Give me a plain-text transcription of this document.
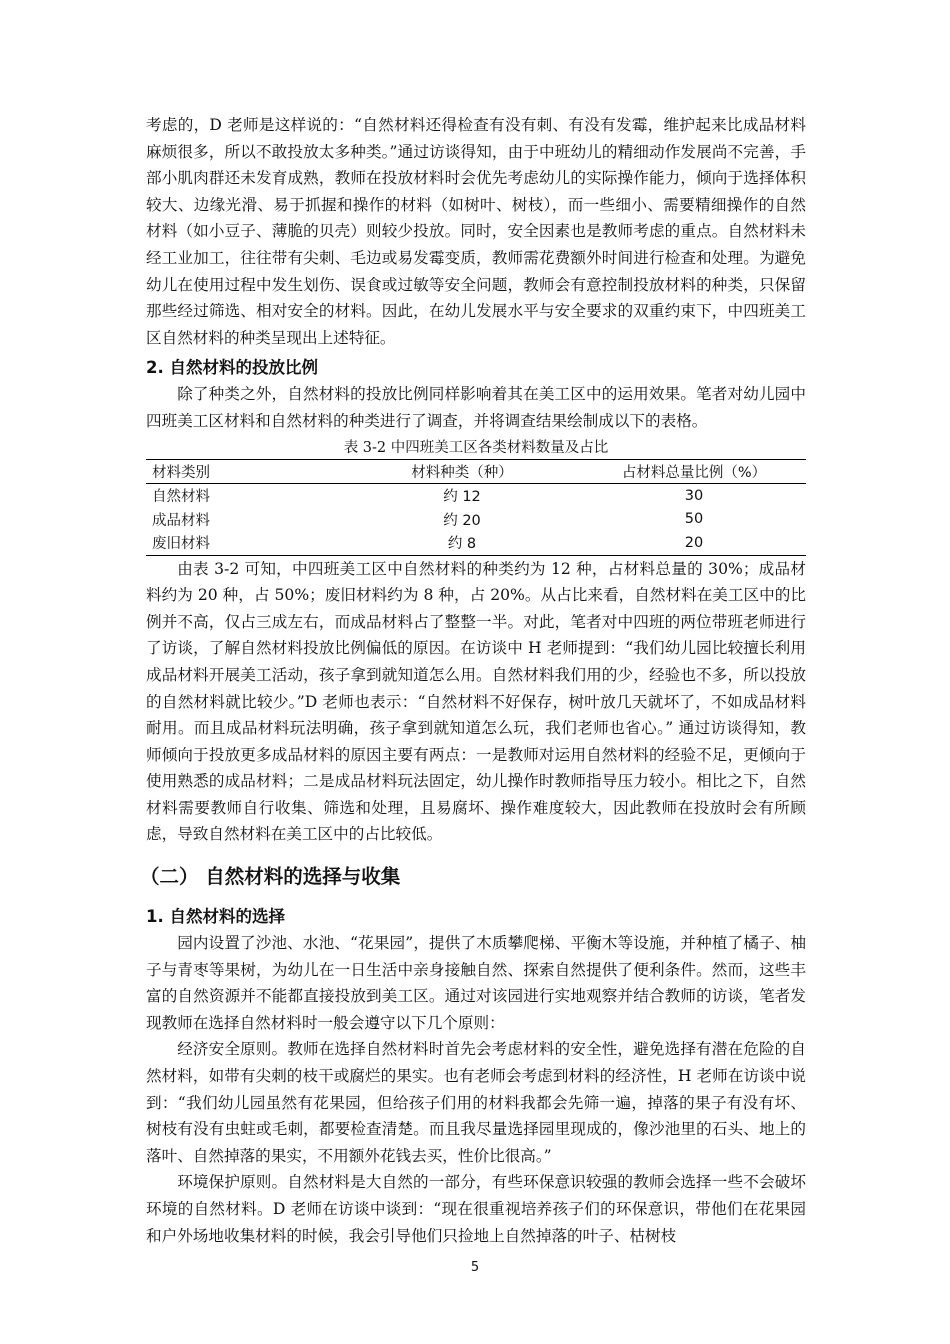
考虑的，D 老师是这样说的：“自然材料还得检查有没有刺、有没有发霉，维护起来比成品材料麻烦很多，所以不敢投放太多种类。”通过访谈得知，由于中班幼儿的精细动作发展尚不完善，手部小肌肉群还未发育成熟，教师在投放材料时会优先考虑幼儿的实际操作能力，倾向于选择体积较大、边缘光滑、易于抓握和操作的材料（如树叶、树枝），而一些细小、需要精细操作的自然材料（如小豆子、薄脆的贝壳）则较少投放。同时，安全因素也是教师考虑的重点。自然材料未经工业加工，往往带有尖刺、毛边或易发霉变质，教师需花费额外时间进行检查和处理。为避免幼儿在使用过程中发生划伤、误食或过敏等安全问题，教师会有意控制投放材料的种类，只保留那些经过筛选、相对安全的材料。因此，在幼儿发展水平与安全要求的双重约束下，中四班美工区自然材料的种类呈现出上述特征。

2. 自然材料的投放比例

除了种类之外，自然材料的投放比例同样影响着其在美工区中的运用效果。笔者对幼儿园中四班美工区材料和自然材料的种类进行了调查，并将调查结果绘制成以下的表格。

表 3-2 中四班美工区各类材料数量及占比
材料类别	材料种类（种）	占材料总量比例（%）
自然材料	约 12	30
成品材料	约 20	50
废旧材料	约 8	20

由表 3-2 可知，中四班美工区中自然材料的种类约为 12 种，占材料总量的 30%；成品材料约为 20 种，占 50%；废旧材料约为 8 种，占 20%。从占比来看，自然材料在美工区中的比例并不高，仅占三成左右，而成品材料占了整整一半。对此，笔者对中四班的两位带班老师进行了访谈，了解自然材料投放比例偏低的原因。在访谈中 H 老师提到：“我们幼儿园比较擅长利用成品材料开展美工活动，孩子拿到就知道怎么用。自然材料我们用的少，经验也不多，所以投放的自然材料就比较少。”D 老师也表示：“自然材料不好保存，树叶放几天就坏了，不如成品材料耐用。而且成品材料玩法明确，孩子拿到就知道怎么玩，我们老师也省心。” 通过访谈得知，教师倾向于投放更多成品材料的原因主要有两点：一是教师对运用自然材料的经验不足，更倾向于使用熟悉的成品材料；二是成品材料玩法固定，幼儿操作时教师指导压力较小。相比之下，自然材料需要教师自行收集、筛选和处理，且易腐坏、操作难度较大，因此教师在投放时会有所顾虑，导致自然材料在美工区中的占比较低。

（二） 自然材料的选择与收集
1. 自然材料的选择

园内设置了沙池、水池、“花果园”，提供了木质攀爬梯、平衡木等设施，并种植了橘子、柚子与青枣等果树，为幼儿在一日生活中亲身接触自然、探索自然提供了便利条件。然而，这些丰富的自然资源并不能都直接投放到美工区。通过对该园进行实地观察并结合教师的访谈，笔者发现教师在选择自然材料时一般会遵守以下几个原则：

经济安全原则。教师在选择自然材料时首先会考虑材料的安全性，避免选择有潜在危险的自然材料，如带有尖刺的枝干或腐烂的果实。也有老师会考虑到材料的经济性，H 老师在访谈中说到：“我们幼儿园虽然有花果园，但给孩子们用的材料我都会先筛一遍，掉落的果子有没有坏、树枝有没有虫蛀或毛刺，都要检查清楚。而且我尽量选择园里现成的，像沙池里的石头、地上的落叶、自然掉落的果实，不用额外花钱去买，性价比很高。”

环境保护原则。自然材料是大自然的一部分，有些环保意识较强的教师会选择一些不会破坏环境的自然材料。D 老师在访谈中谈到：“现在很重视培养孩子们的环保意识，带他们在花果园和户外场地收集材料的时候，我会引导他们只捡地上自然掉落的叶子、枯树枝

5
